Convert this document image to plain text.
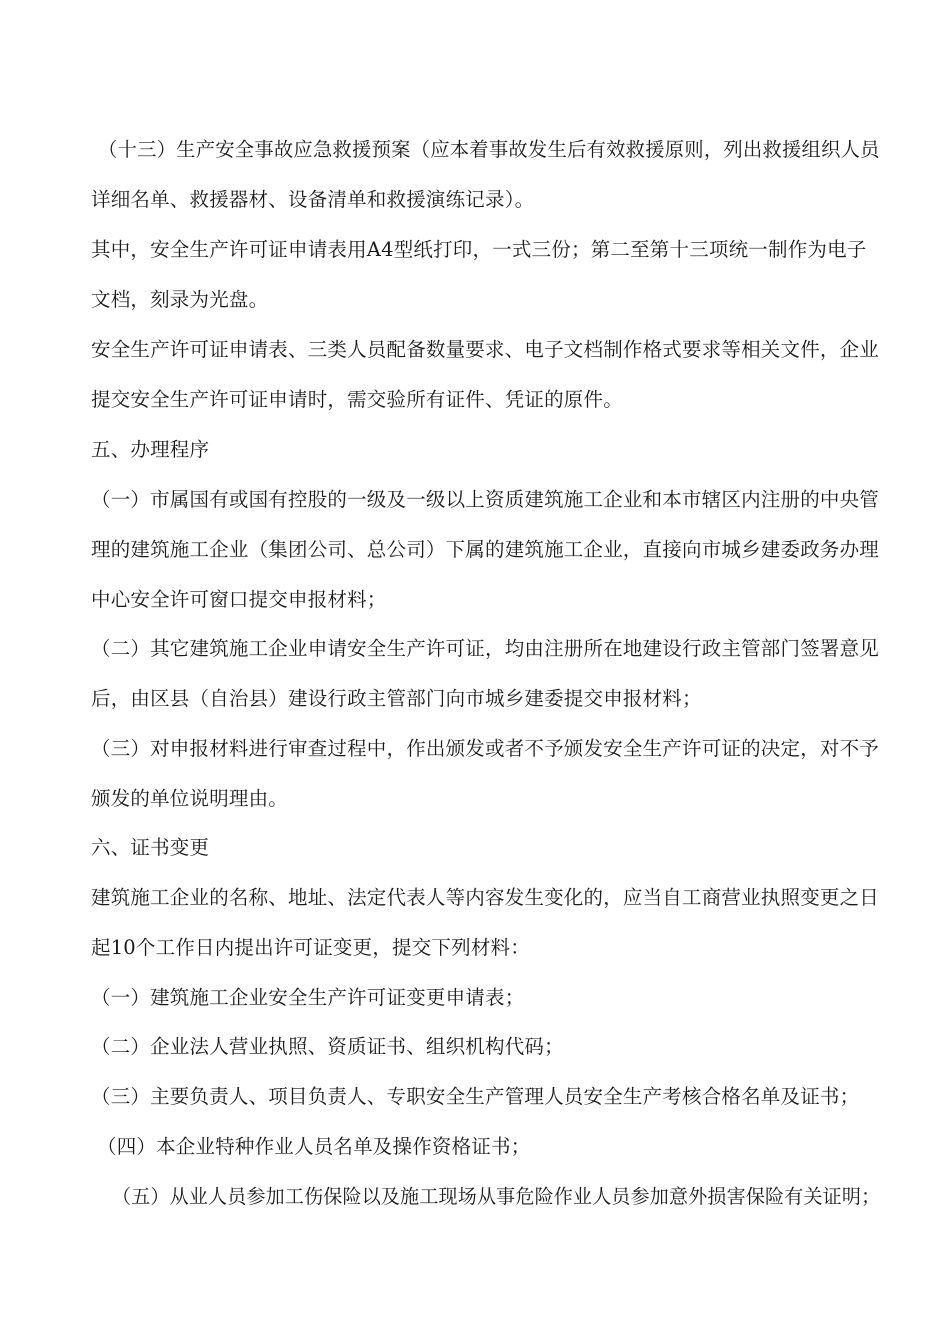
（十三）生产安全事故应急救援预案（应本着事故发生后有效救援原则，列出救援组织人员
详细名单、救援器材、设备清单和救援演练记录）。
其中，安全生产许可证申请表用A4型纸打印，一式三份；第二至第十三项统一制作为电子
文档，刻录为光盘。
安全生产许可证申请表、三类人员配备数量要求、电子文档制作格式要求等相关文件，企业
提交安全生产许可证申请时，需交验所有证件、凭证的原件。
五、办理程序
（一）市属国有或国有控股的一级及一级以上资质建筑施工企业和本市辖区内注册的中央管
理的建筑施工企业（集团公司、总公司）下属的建筑施工企业，直接向市城乡建委政务办理
中心安全许可窗口提交申报材料；
（二）其它建筑施工企业申请安全生产许可证，均由注册所在地建设行政主管部门签署意见
后，由区县（自治县）建设行政主管部门向市城乡建委提交申报材料；
（三）对申报材料进行审查过程中，作出颁发或者不予颁发安全生产许可证的决定，对不予
颁发的单位说明理由。
六、证书变更
建筑施工企业的名称、地址、法定代表人等内容发生变化的，应当自工商营业执照变更之日
起10个工作日内提出许可证变更，提交下列材料：
（一）建筑施工企业安全生产许可证变更申请表；
（二）企业法人营业执照、资质证书、组织机构代码；
（三）主要负责人、项目负责人、专职安全生产管理人员安全生产考核合格名单及证书；
（四）本企业特种作业人员名单及操作资格证书；
（五）从业人员参加工伤保险以及施工现场从事危险作业人员参加意外损害保险有关证明；
